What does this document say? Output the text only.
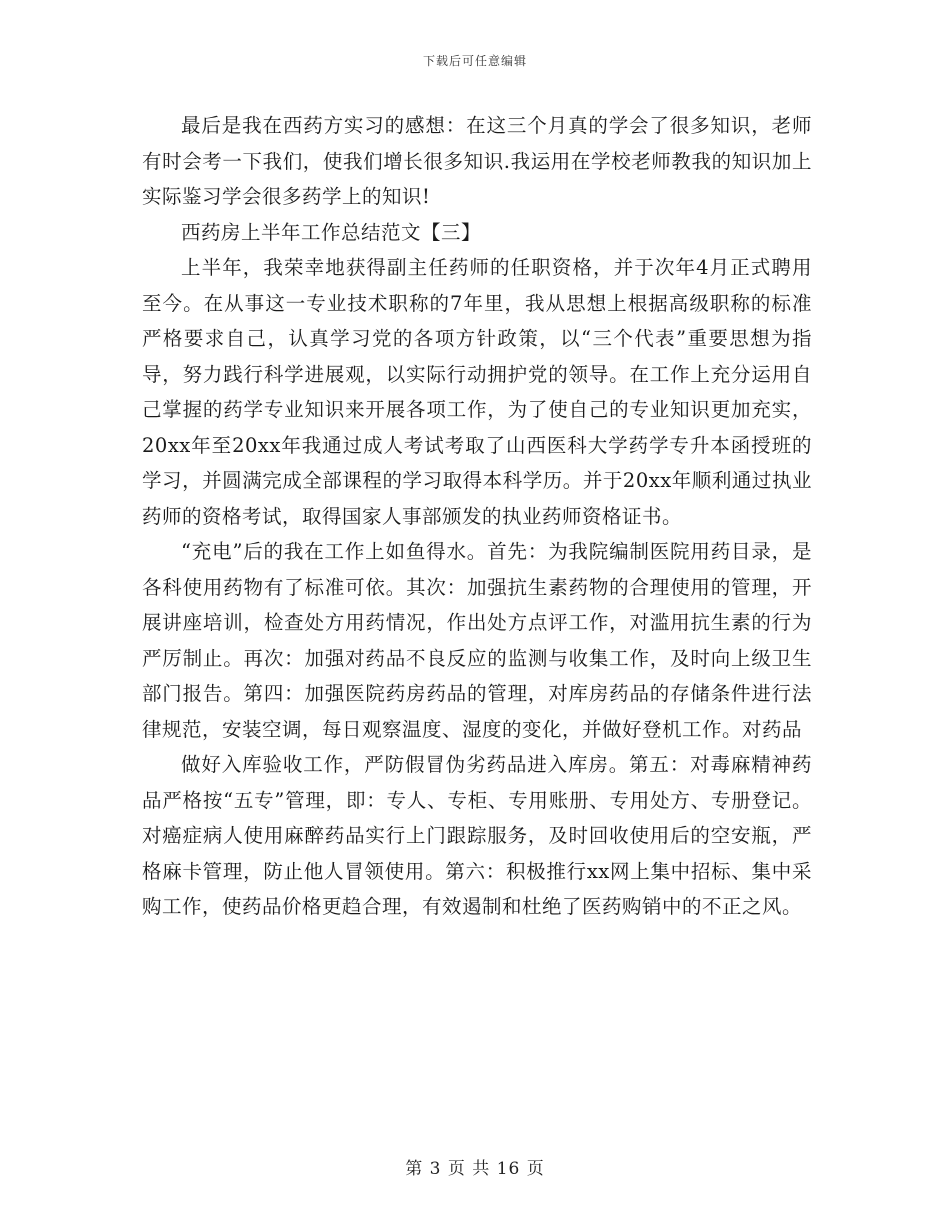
下载后可任意编辑

最后是我在西药方实习的感想：在这三个月真的学会了很多知识，老师有时会考一下我们，使我们增长很多知识.我运用在学校老师教我的知识加上实际鉴习学会很多药学上的知识!

西药房上半年工作总结范文【三】

上半年，我荣幸地获得副主任药师的任职资格，并于次年4月正式聘用至今。在从事这一专业技术职称的7年里，我从思想上根据高级职称的标准严格要求自己，认真学习党的各项方针政策，以“三个代表”重要思想为指导，努力践行科学进展观，以实际行动拥护党的领导。在工作上充分运用自己掌握的药学专业知识来开展各项工作，为了使自己的专业知识更加充实，20xx年至20xx年我通过成人考试考取了山西医科大学药学专升本函授班的学习，并圆满完成全部课程的学习取得本科学历。并于20xx年顺利通过执业药师的资格考试，取得国家人事部颁发的执业药师资格证书。

“充电”后的我在工作上如鱼得水。首先：为我院编制医院用药目录，是各科使用药物有了标准可依。其次：加强抗生素药物的合理使用的管理，开展讲座培训，检查处方用药情况，作出处方点评工作，对滥用抗生素的行为严厉制止。再次：加强对药品不良反应的监测与收集工作，及时向上级卫生部门报告。第四：加强医院药房药品的管理，对库房药品的存储条件进行法律规范，安装空调，每日观察温度、湿度的变化，并做好登机工作。对药品

做好入库验收工作，严防假冒伪劣药品进入库房。第五：对毒麻精神药品严格按“五专”管理，即：专人、专柜、专用账册、专用处方、专册登记。对癌症病人使用麻醉药品实行上门跟踪服务，及时回收使用后的空安瓶，严格麻卡管理，防止他人冒领使用。第六：积极推行xx网上集中招标、集中采购工作，使药品价格更趋合理，有效遏制和杜绝了医药购销中的不正之风。

第 3 页 共 16 页
